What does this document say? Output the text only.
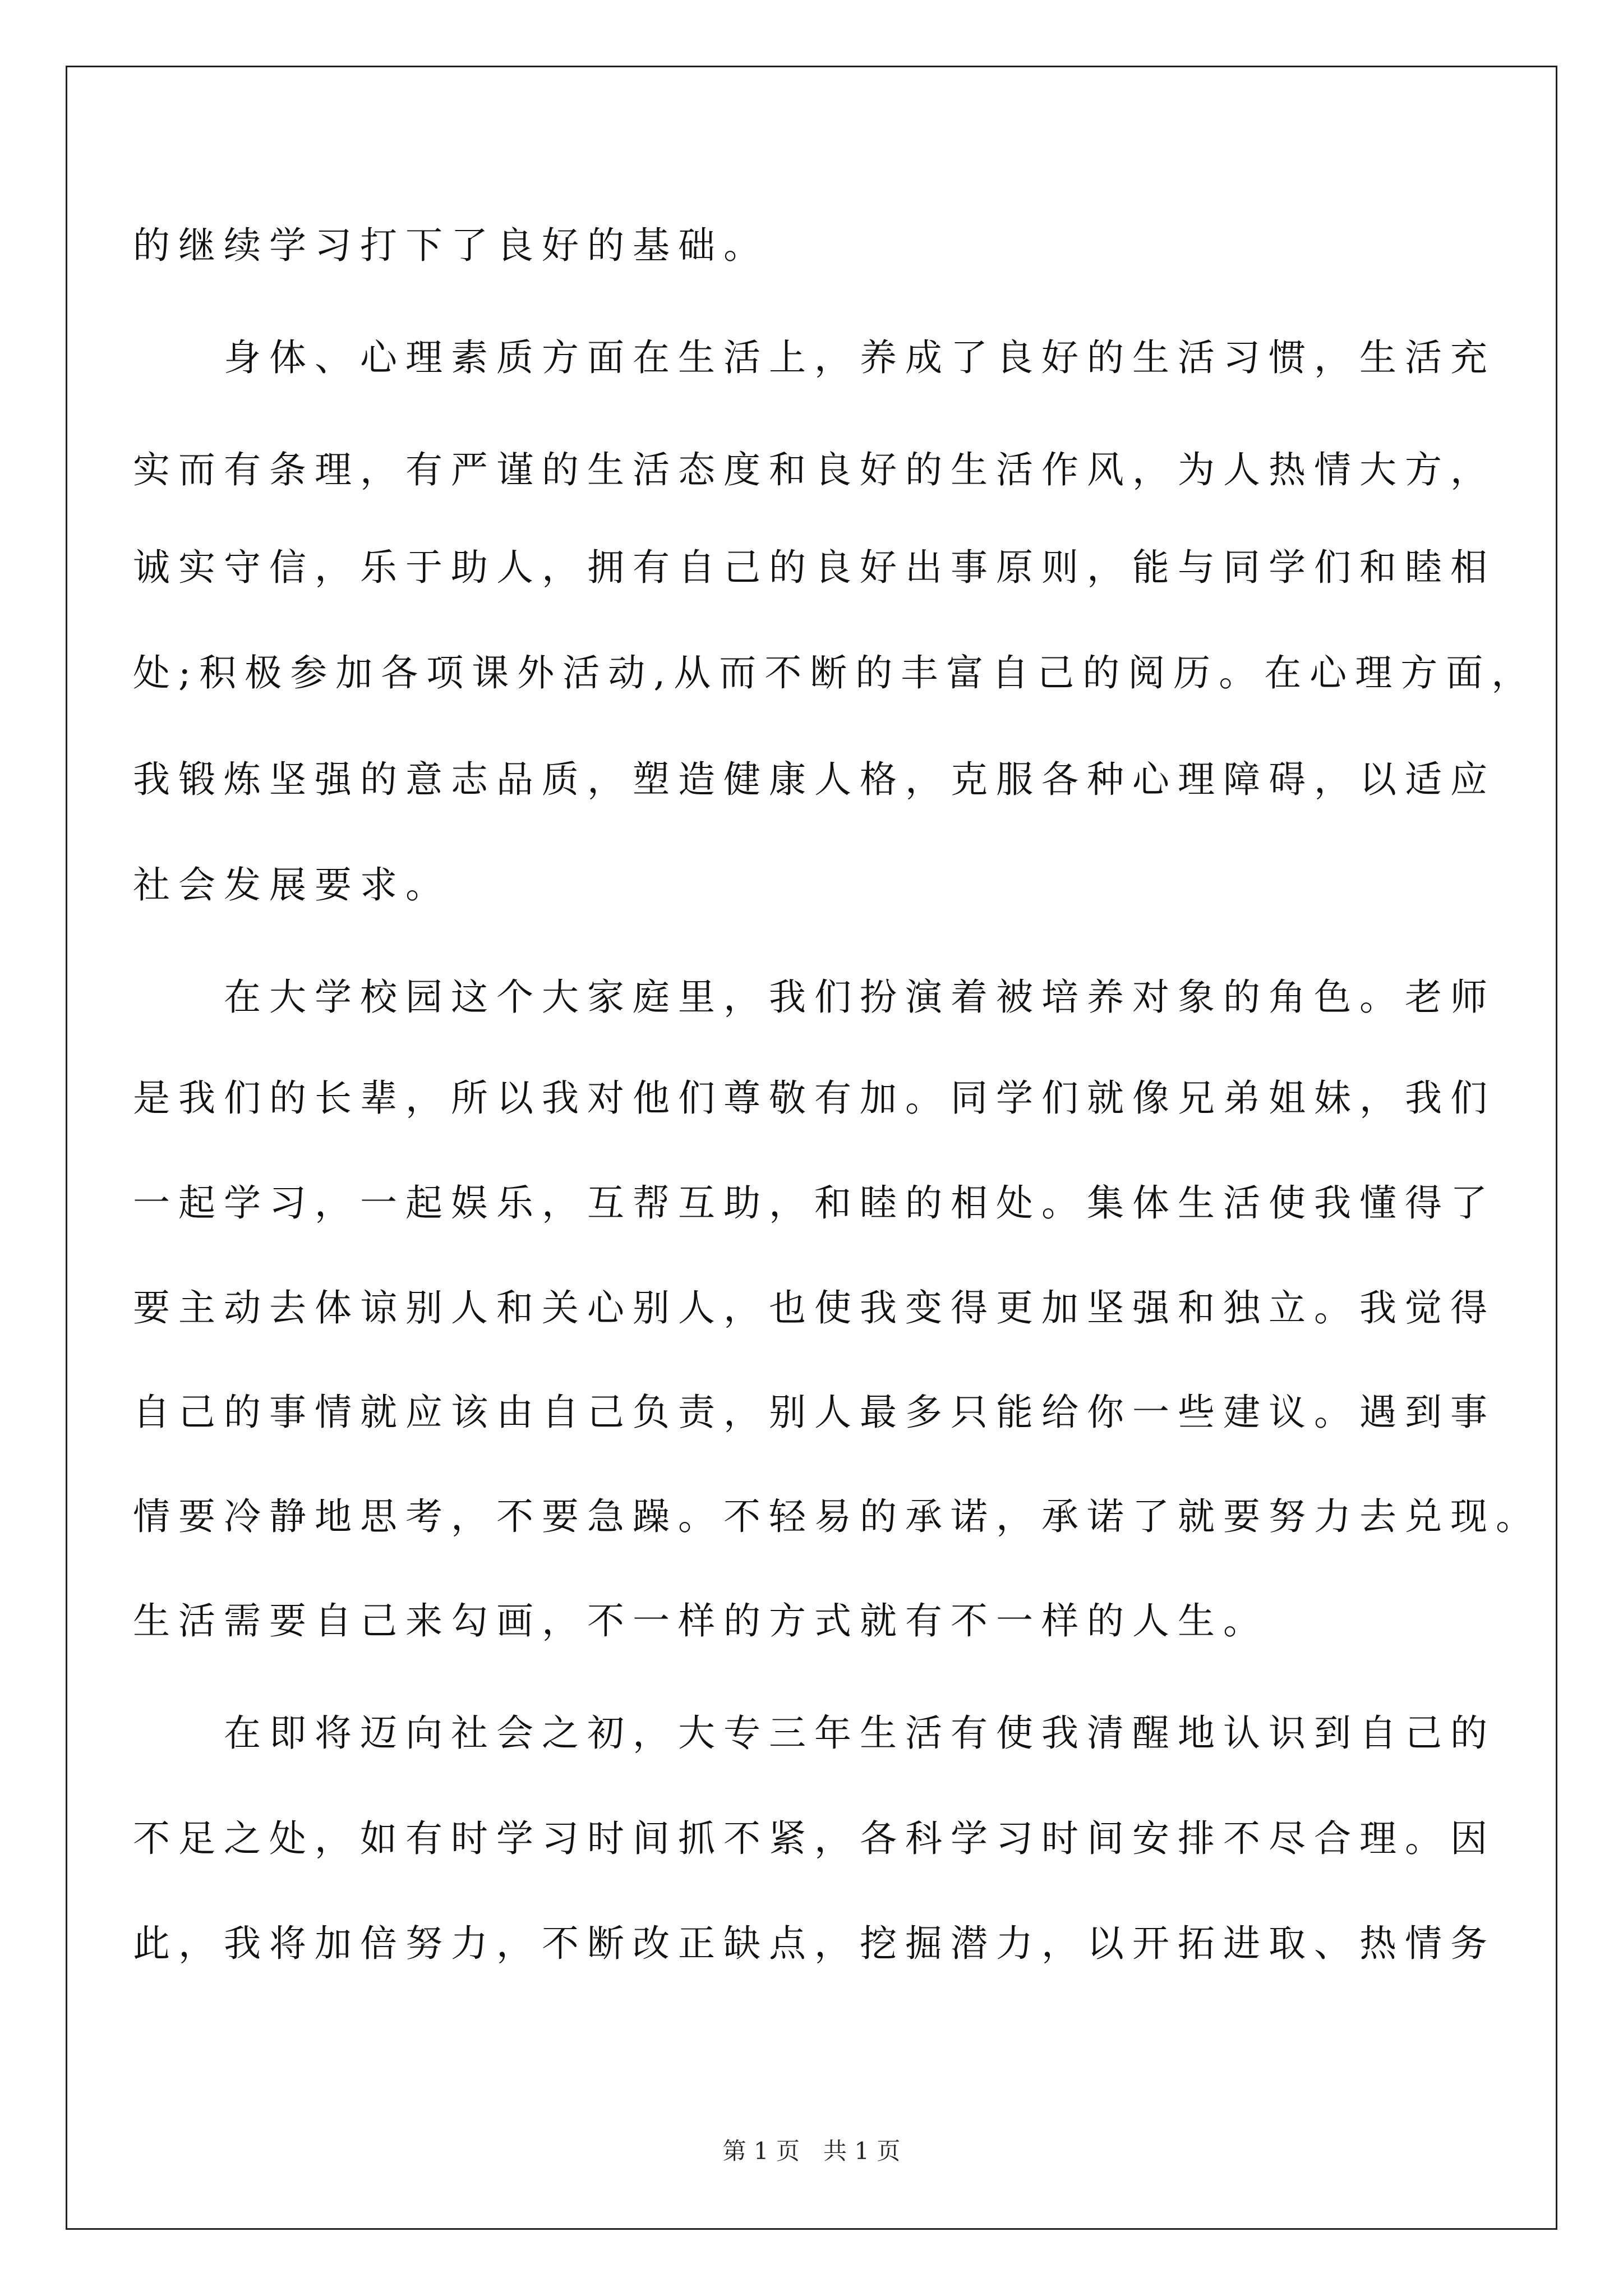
的继续学习打下了良好的基础。
　　身体、心理素质方面在生活上，养成了良好的生活习惯，生活充
实而有条理，有严谨的生活态度和良好的生活作风，为人热情大方，
诚实守信，乐于助人，拥有自己的良好出事原则，能与同学们和睦相
处;积极参加各项课外活动,从而不断的丰富自己的阅历。在心理方面，
我锻炼坚强的意志品质，塑造健康人格，克服各种心理障碍，以适应
社会发展要求。
　　在大学校园这个大家庭里，我们扮演着被培养对象的角色。老师
是我们的长辈，所以我对他们尊敬有加。同学们就像兄弟姐妹，我们
一起学习，一起娱乐，互帮互助，和睦的相处。集体生活使我懂得了
要主动去体谅别人和关心别人，也使我变得更加坚强和独立。我觉得
自己的事情就应该由自己负责，别人最多只能给你一些建议。遇到事
情要冷静地思考，不要急躁。不轻易的承诺，承诺了就要努力去兑现。
生活需要自己来勾画，不一样的方式就有不一样的人生。
　　在即将迈向社会之初，大专三年生活有使我清醒地认识到自己的
不足之处，如有时学习时间抓不紧，各科学习时间安排不尽合理。因
此，我将加倍努力，不断改正缺点，挖掘潜力，以开拓进取、热情务
第 1 页　共 1 页
